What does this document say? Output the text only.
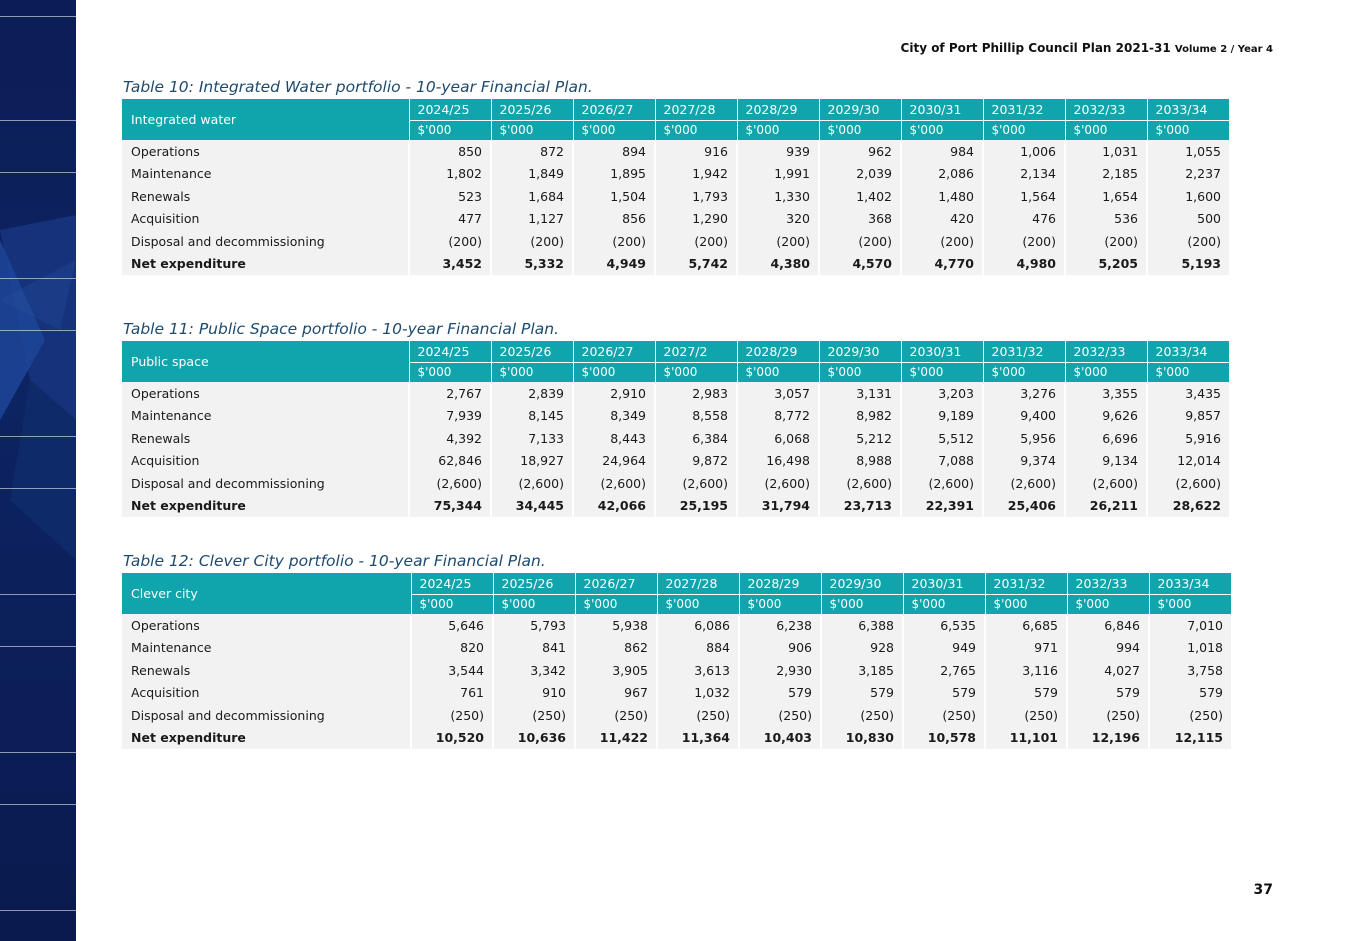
City of Port Phillip Council Plan 2021-31 Volume 2 / Year 4
Table 10: Integrated Water portfolio - 10-year Financial Plan.
Integrated water	2024/25	2025/26	2026/27	2027/28	2028/29	2029/30	2030/31	2031/32	2032/33	2033/34
	$'000	$'000	$'000	$'000	$'000	$'000	$'000	$'000	$'000	$'000
Operations	850	872	894	916	939	962	984	1,006	1,031	1,055
Maintenance	1,802	1,849	1,895	1,942	1,991	2,039	2,086	2,134	2,185	2,237
Renewals	523	1,684	1,504	1,793	1,330	1,402	1,480	1,564	1,654	1,600
Acquisition	477	1,127	856	1,290	320	368	420	476	536	500
Disposal and decommissioning	(200)	(200)	(200)	(200)	(200)	(200)	(200)	(200)	(200)	(200)
Net expenditure	3,452	5,332	4,949	5,742	4,380	4,570	4,770	4,980	5,205	5,193
Table 11: Public Space portfolio - 10-year Financial Plan.
Public space	2024/25	2025/26	2026/27	2027/2	2028/29	2029/30	2030/31	2031/32	2032/33	2033/34
	$'000	$'000	$'000	$'000	$'000	$'000	$'000	$'000	$'000	$'000
Operations	2,767	2,839	2,910	2,983	3,057	3,131	3,203	3,276	3,355	3,435
Maintenance	7,939	8,145	8,349	8,558	8,772	8,982	9,189	9,400	9,626	9,857
Renewals	4,392	7,133	8,443	6,384	6,068	5,212	5,512	5,956	6,696	5,916
Acquisition	62,846	18,927	24,964	9,872	16,498	8,988	7,088	9,374	9,134	12,014
Disposal and decommissioning	(2,600)	(2,600)	(2,600)	(2,600)	(2,600)	(2,600)	(2,600)	(2,600)	(2,600)	(2,600)
Net expenditure	75,344	34,445	42,066	25,195	31,794	23,713	22,391	25,406	26,211	28,622
Table 12: Clever City portfolio - 10-year Financial Plan.
Clever city	2024/25	2025/26	2026/27	2027/28	2028/29	2029/30	2030/31	2031/32	2032/33	2033/34
	$'000	$'000	$'000	$'000	$'000	$'000	$'000	$'000	$'000	$'000
Operations	5,646	5,793	5,938	6,086	6,238	6,388	6,535	6,685	6,846	7,010
Maintenance	820	841	862	884	906	928	949	971	994	1,018
Renewals	3,544	3,342	3,905	3,613	2,930	3,185	2,765	3,116	4,027	3,758
Acquisition	761	910	967	1,032	579	579	579	579	579	579
Disposal and decommissioning	(250)	(250)	(250)	(250)	(250)	(250)	(250)	(250)	(250)	(250)
Net expenditure	10,520	10,636	11,422	11,364	10,403	10,830	10,578	11,101	12,196	12,115
37
